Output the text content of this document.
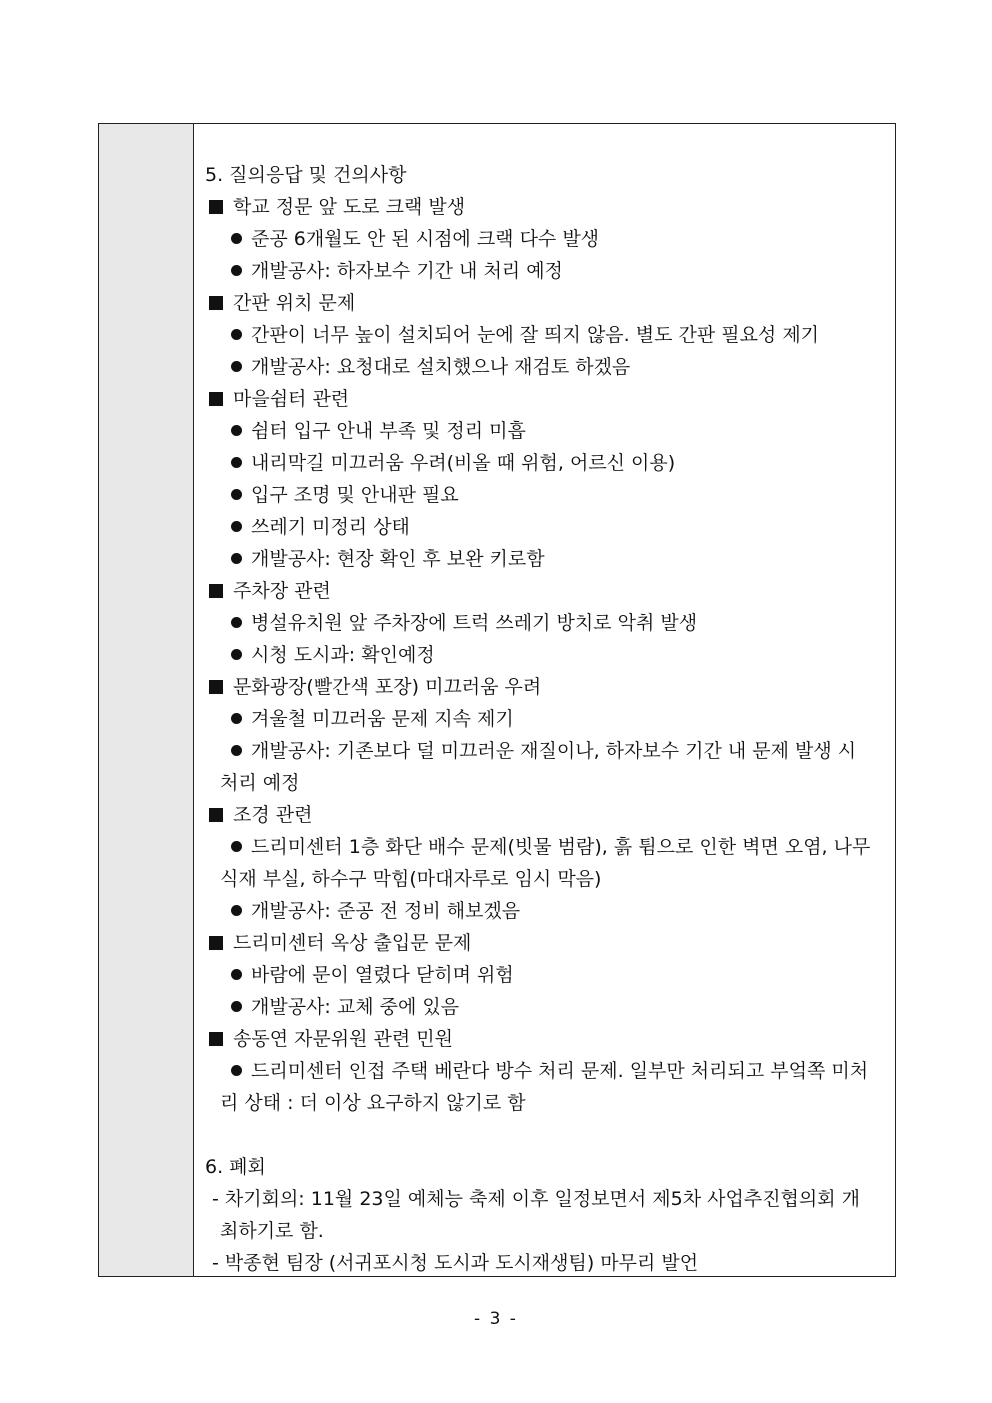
5. 질의응답 및 건의사항
학교 정문 앞 도로 크랙 발생
준공 6개월도 안 된 시점에 크랙 다수 발생
개발공사: 하자보수 기간 내 처리 예정
간판 위치 문제
간판이 너무 높이 설치되어 눈에 잘 띄지 않음. 별도 간판 필요성 제기
개발공사: 요청대로 설치했으나 재검토 하겠음
마을쉼터 관련
쉼터 입구 안내 부족 및 정리 미흡
내리막길 미끄러움 우려(비올 때 위험, 어르신 이용)
입구 조명 및 안내판 필요
쓰레기 미정리 상태
개발공사: 현장 확인 후 보완 키로함
주차장 관련
병설유치원 앞 주차장에 트럭 쓰레기 방치로 악취 발생
시청 도시과: 확인예정
문화광장(빨간색 포장) 미끄러움 우려
겨울철 미끄러움 문제 지속 제기
개발공사: 기존보다 덜 미끄러운 재질이나, 하자보수 기간 내 문제 발생 시
처리 예정
조경 관련
드리미센터 1층 화단 배수 문제(빗물 범람), 흙 튐으로 인한 벽면 오염, 나무
식재 부실, 하수구 막힘(마대자루로 임시 막음)
개발공사: 준공 전 정비 해보겠음
드리미센터 옥상 출입문 문제
바람에 문이 열렸다 닫히며 위험
개발공사: 교체 중에 있음
송동연 자문위원 관련 민원
드리미센터 인접 주택 베란다 방수 처리 문제. 일부만 처리되고 부엌쪽 미처
리 상태 : 더 이상 요구하지 않기로 함
6. 폐회
- 차기회의: 11월 23일 예체능 축제 이후 일정보면서 제5차 사업추진협의회 개
최하기로 함.
- 박종현 팀장 (서귀포시청 도시과 도시재생팀) 마무리 발언
- 3 -
